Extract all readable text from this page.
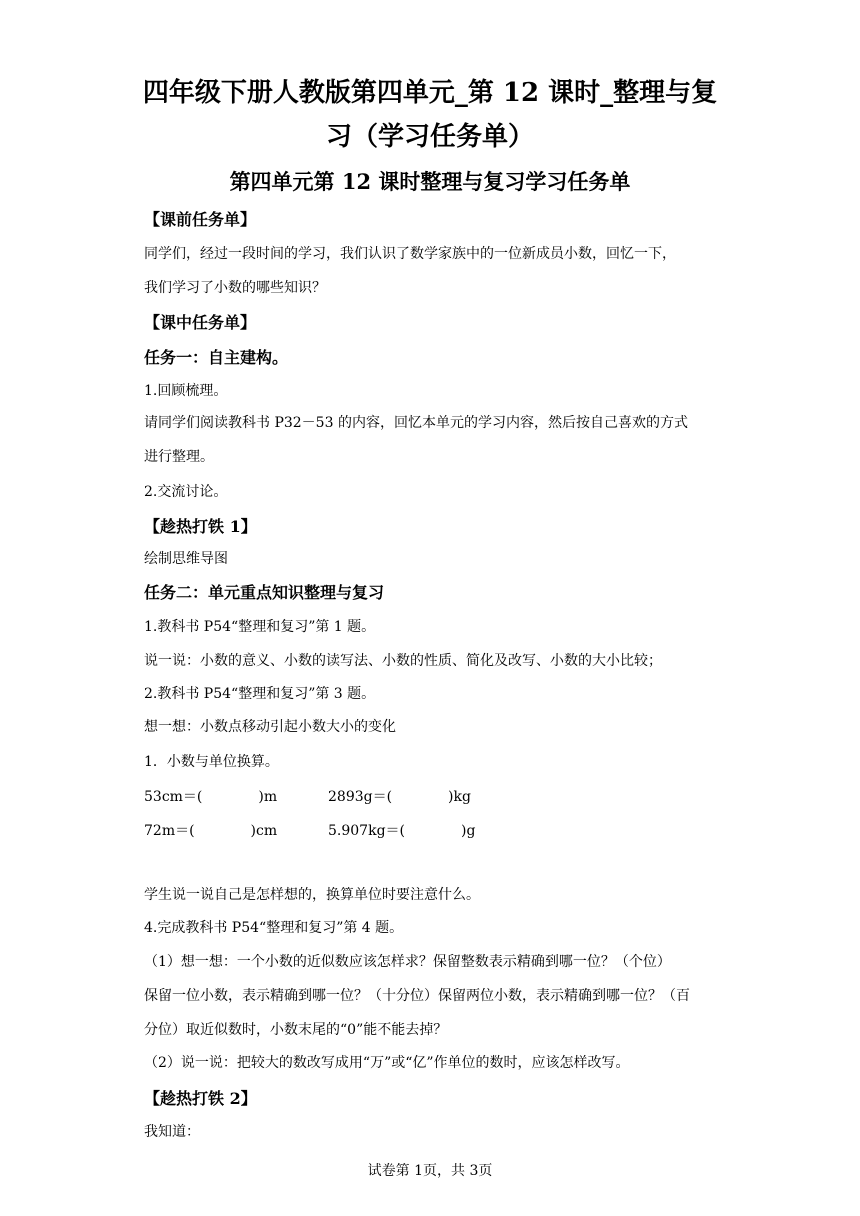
四年级下册人教版第四单元_第 12 课时_整理与复
习（学习任务单）
第四单元第 12 课时整理与复习学习任务单
【课前任务单】
同学们，经过一段时间的学习，我们认识了数学家族中的一位新成员小数，回忆一下，
我们学习了小数的哪些知识？
【课中任务单】
任务一：自主建构。
1.回顾梳理。
请同学们阅读教科书 P32－53 的内容，回忆本单元的学习内容，然后按自己喜欢的方式
进行整理。
2.交流讨论。
【趁热打铁 1】
绘制思维导图
任务二：单元重点知识整理与复习
1.教科书 P54“整理和复习”第 1 题。
说一说：小数的意义、小数的读写法、小数的性质、简化及改写、小数的大小比较；
2.教科书 P54“整理和复习”第 3 题。
想一想：小数点移动引起小数大小的变化
1．小数与单位换算。
53cm＝(　　　　)m	2893g＝(　　　　)kg
72m＝(　　　　)cm	5.907kg＝(　　　　)g
学生说一说自己是怎样想的，换算单位时要注意什么。
4.完成教科书 P54“整理和复习”第 4 题。
（1）想一想：一个小数的近似数应该怎样求？保留整数表示精确到哪一位？（个位）
保留一位小数，表示精确到哪一位？（十分位）保留两位小数，表示精确到哪一位？（百
分位）取近似数时，小数末尾的“0”能不能去掉？
（2）说一说：把较大的数改写成用“万”或“亿”作单位的数时，应该怎样改写。
【趁热打铁 2】
我知道：
试卷第 1页，共 3页
